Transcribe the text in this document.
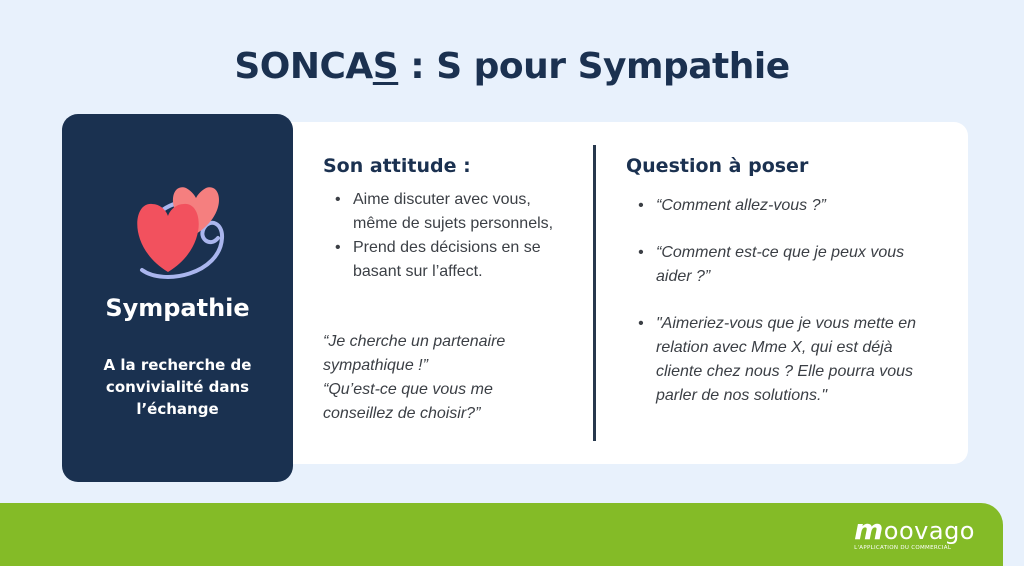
SONCAS : S pour Sympathie
Sympathie
A la recherche de convivialité dans l’échange
Son attitude :
• Aime discuter avec vous, même de sujets personnels,
• Prend des décisions en se basant sur l’affect.
“Je cherche un partenaire sympathique !”
“Qu’est-ce que vous me conseillez de choisir?”
Question à poser
• “Comment allez-vous ?”
• “Comment est-ce que je peux vous aider ?”
• "Aimeriez-vous que je vous mette en relation avec Mme X, qui est déjà cliente chez nous ? Elle pourra vous parler de nos solutions."
moovago
L'APPLICATION DU COMMERCIAL
